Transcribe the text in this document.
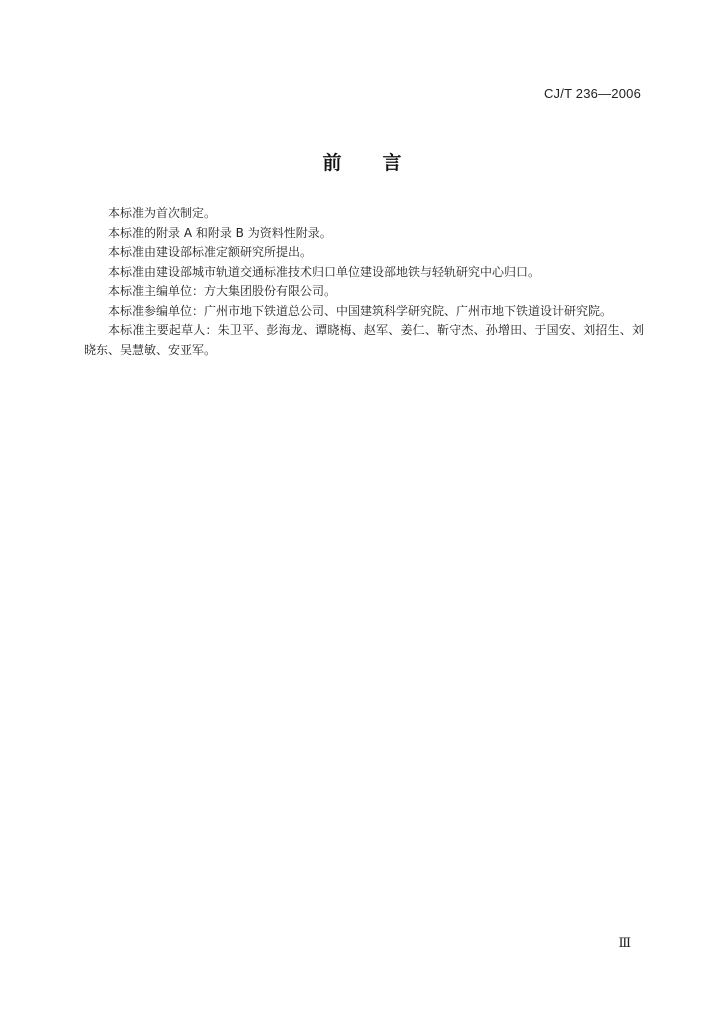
CJ/T 236—2006
前　　言

本标准为首次制定。

本标准的附录 A 和附录 B 为资料性附录。

本标准由建设部标准定额研究所提出。

本标准由建设部城市轨道交通标准技术归口单位建设部地铁与轻轨研究中心归口。

本标准主编单位：方大集团股份有限公司。

本标准参编单位：广州市地下铁道总公司、中国建筑科学研究院、广州市地下铁道设计研究院。

本标准主要起草人：朱卫平、彭海龙、谭晓梅、赵军、姜仁、靳守杰、孙增田、于国安、刘招生、刘晓东、吴慧敏、安亚军。

Ⅲ
